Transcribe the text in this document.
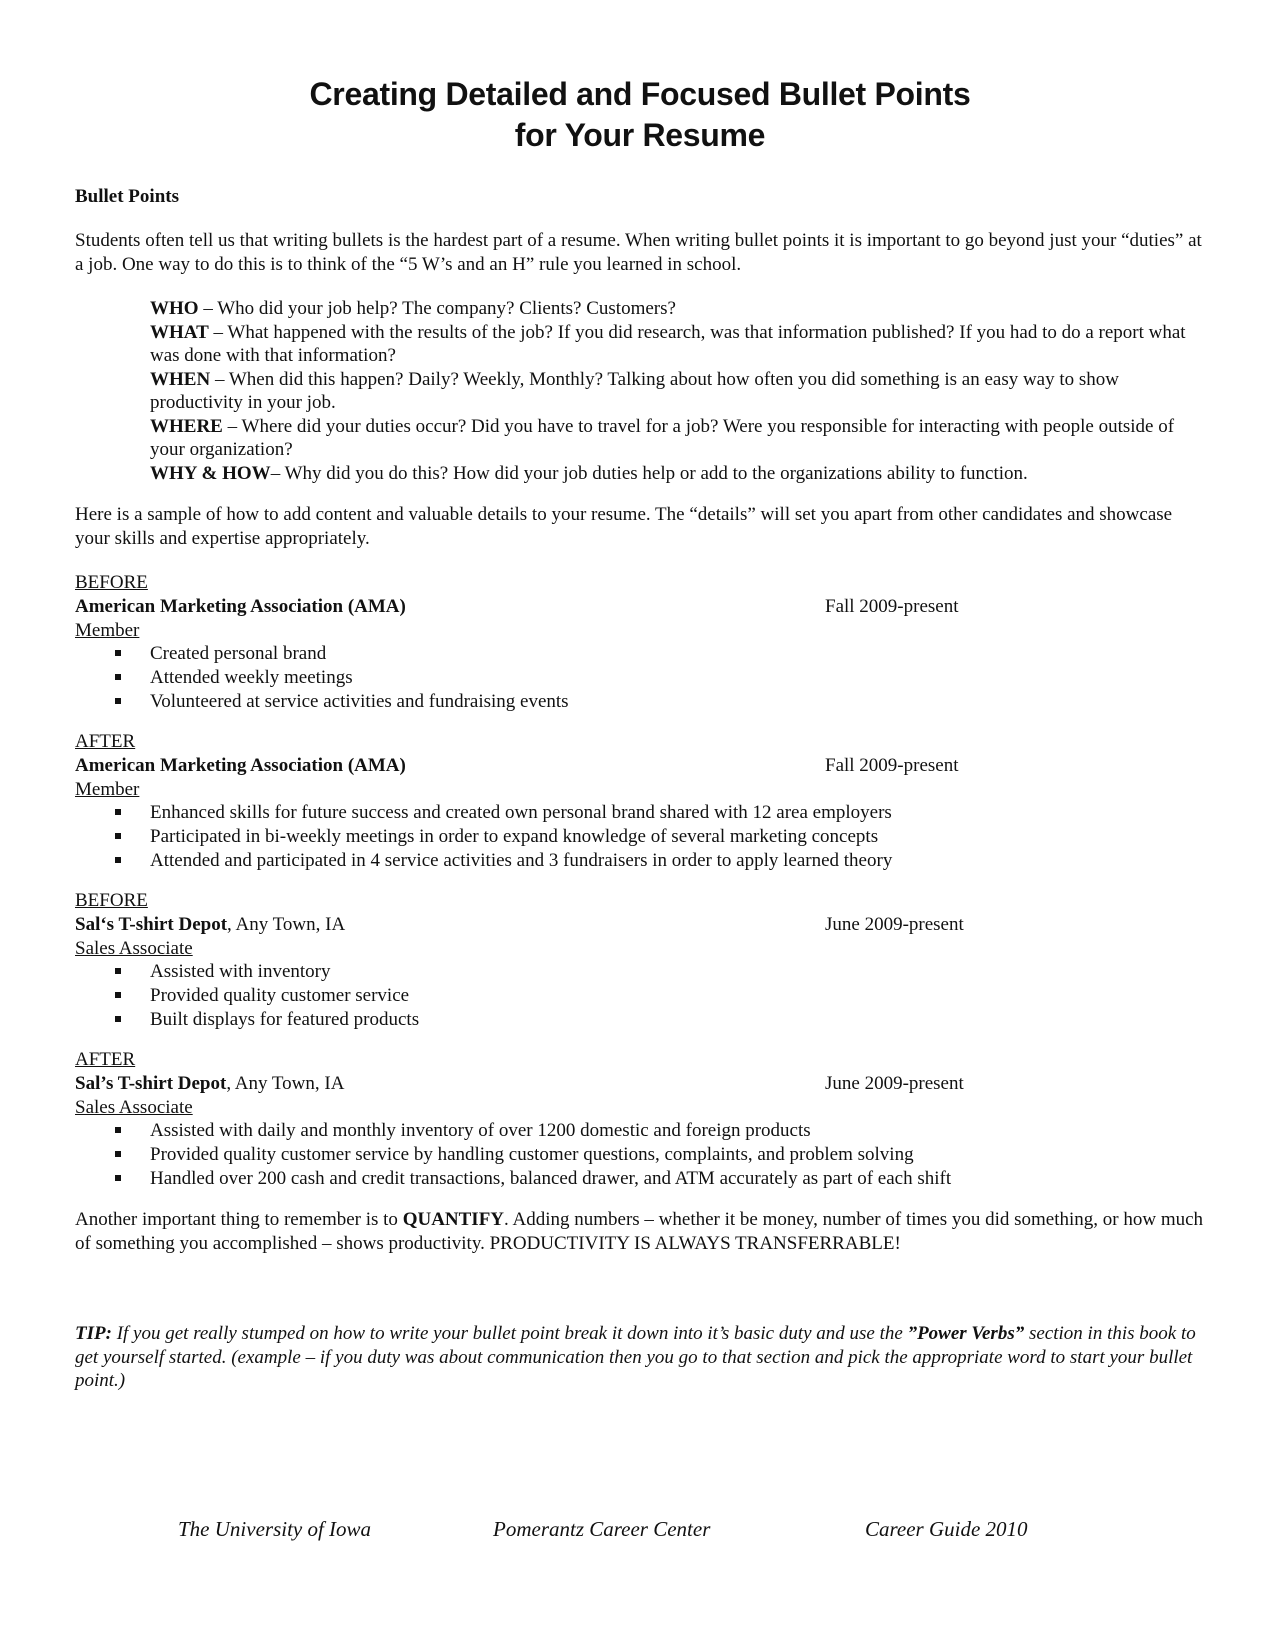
Creating Detailed and Focused Bullet Points
for Your Resume
Bullet Points

Students often tell us that writing bullets is the hardest part of a resume. When writing bullet points it is important to go beyond just your “duties” at a job. One way to do this is to think of the “5 W’s and an H” rule you learned in school.

WHO – Who did your job help? The company? Clients? Customers?

WHAT – What happened with the results of the job? If you did research, was that information published? If you had to do a report what was done with that information?

WHEN – When did this happen? Daily? Weekly, Monthly? Talking about how often you did something is an easy way to show productivity in your job.

WHERE – Where did your duties occur? Did you have to travel for a job? Were you responsible for interacting with people outside of your organization?

WHY & HOW– Why did you do this? How did your job duties help or add to the organizations ability to function.

Here is a sample of how to add content and valuable details to your resume. The “details” will set you apart from other candidates and showcase your skills and expertise appropriately.

BEFORE
American Marketing Association (AMA)	Fall 2009-present
Member
Created personal brand
Attended weekly meetings
Volunteered at service activities and fundraising events
AFTER
American Marketing Association (AMA)	Fall 2009-present
Member
Enhanced skills for future success and created own personal brand shared with 12 area employers
Participated in bi-weekly meetings in order to expand knowledge of several marketing concepts
Attended and participated in 4 service activities and 3 fundraisers in order to apply learned theory
BEFORE
Sal‘s T-shirt Depot, Any Town, IA	June 2009-present
Sales Associate
Assisted with inventory
Provided quality customer service
Built displays for featured products
AFTER
Sal’s T-shirt Depot, Any Town, IA	June 2009-present
Sales Associate
Assisted with daily and monthly inventory of over 1200 domestic and foreign products
Provided quality customer service by handling customer questions, complaints, and problem solving
Handled over 200 cash and credit transactions, balanced drawer, and ATM accurately as part of each shift

Another important thing to remember is to QUANTIFY. Adding numbers – whether it be money, number of times you did something, or how much of something you accomplished – shows productivity. PRODUCTIVITY IS ALWAYS TRANSFERRABLE!

TIP: If you get really stumped on how to write your bullet point break it down into it’s basic duty and use the ”Power Verbs” section in this book to get yourself started. (example – if you duty was about communication then you go to that section and pick the appropriate word to start your bullet point.)

The University of Iowa	Pomerantz Career Center	Career Guide 2010
